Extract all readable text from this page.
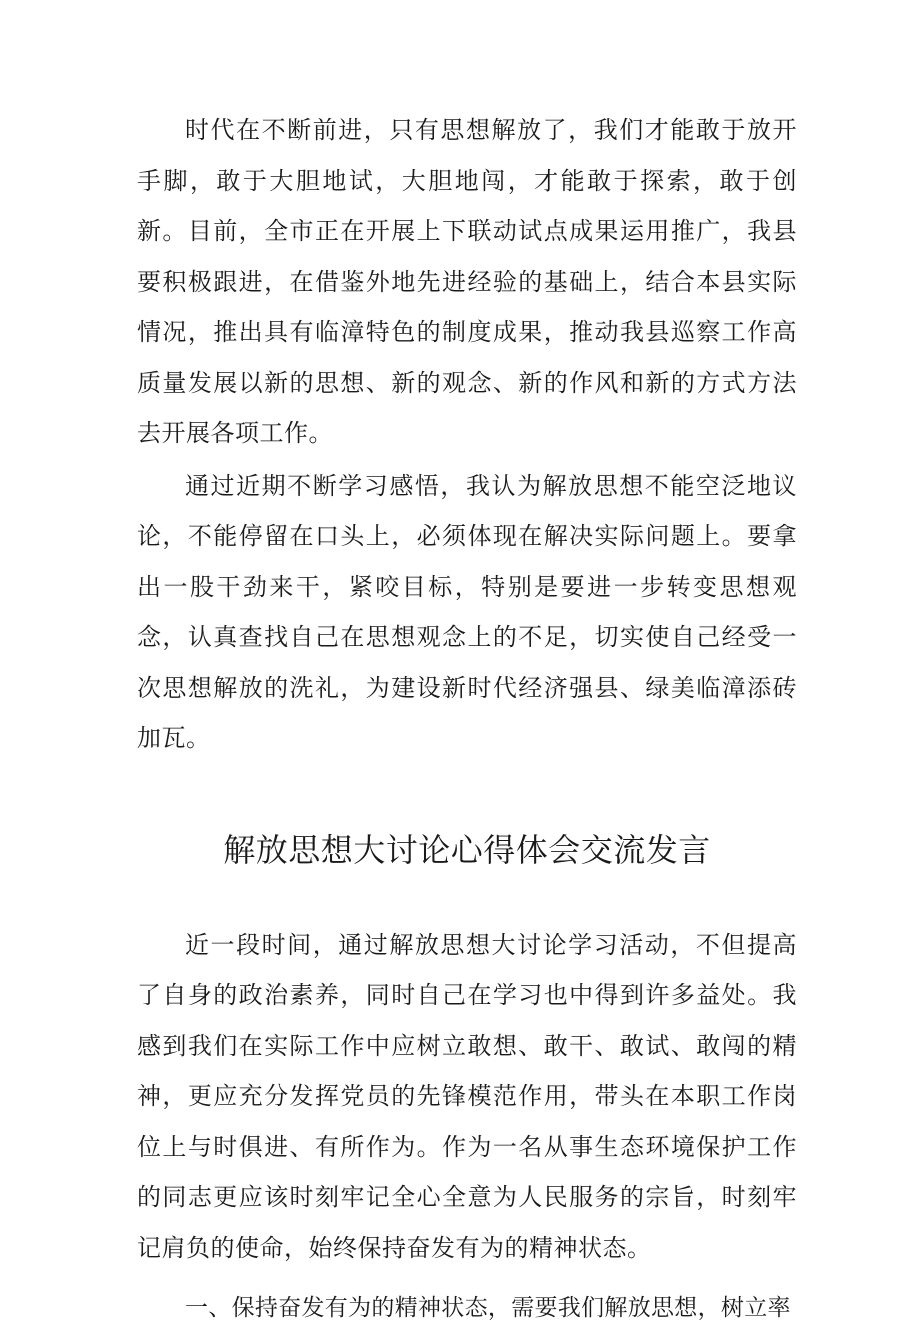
时代在不断前进，只有思想解放了，我们才能敢于放开手脚，敢于大胆地试，大胆地闯，才能敢于探索，敢于创新。目前，全市正在开展上下联动试点成果运用推广，我县要积极跟进，在借鉴外地先进经验的基础上，结合本县实际情况，推出具有临漳特色的制度成果，推动我县巡察工作高质量发展以新的思想、新的观念、新的作风和新的方式方法去开展各项工作。

通过近期不断学习感悟，我认为解放思想不能空泛地议论，不能停留在口头上，必须体现在解决实际问题上。要拿出一股干劲来干，紧咬目标，特别是要进一步转变思想观念，认真查找自己在思想观念上的不足，切实使自己经受一次思想解放的洗礼，为建设新时代经济强县、绿美临漳添砖加瓦。

解放思想大讨论心得体会交流发言

近一段时间，通过解放思想大讨论学习活动，不但提高了自身的政治素养，同时自己在学习也中得到许多益处。我感到我们在实际工作中应树立敢想、敢干、敢试、敢闯的精神，更应充分发挥党员的先锋模范作用，带头在本职工作岗位上与时俱进、有所作为。作为一名从事生态环境保护工作的同志更应该时刻牢记全心全意为人民服务的宗旨，时刻牢记肩负的使命，始终保持奋发有为的精神状态。

一、保持奋发有为的精神状态，需要我们解放思想，树立率
